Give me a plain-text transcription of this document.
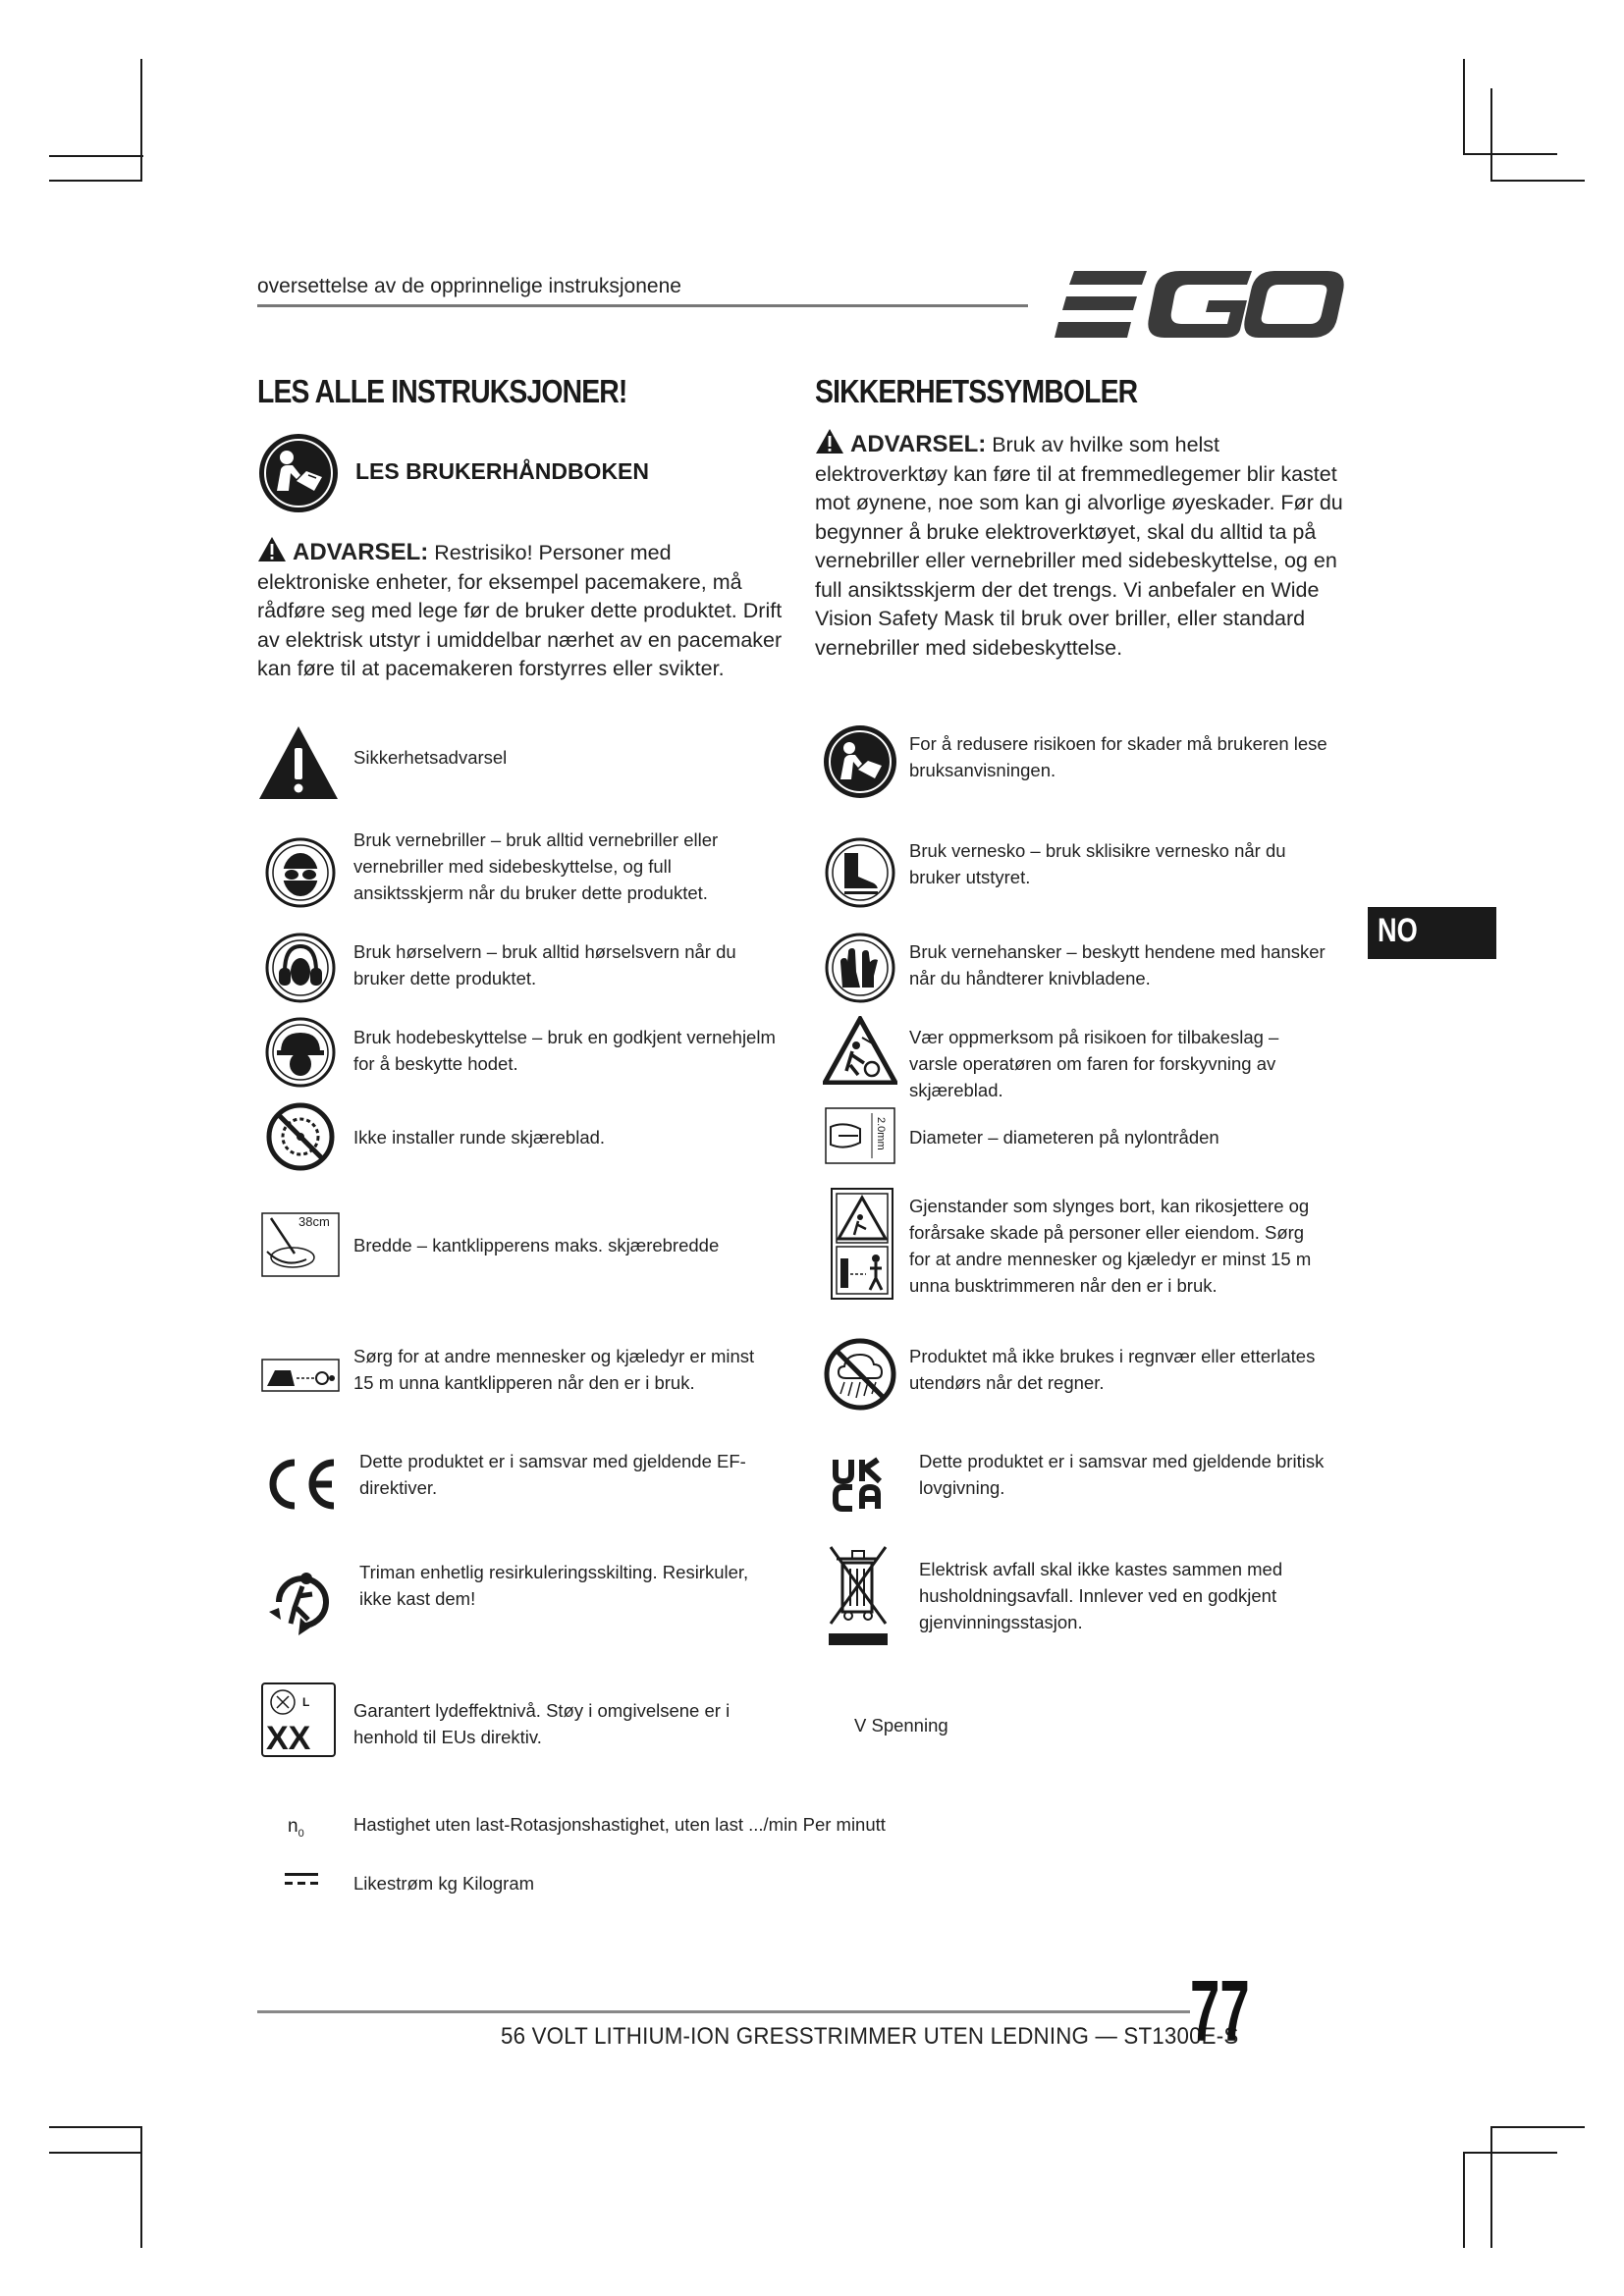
oversettelse av de opprinnelige instruksjonene
LES ALLE INSTRUKSJONER!
LES BRUKERHÅNDBOKEN
ADVARSEL: Restrisiko! Personer med elektroniske enheter, for eksempel pacemakere, må rådføre seg med lege før de bruker dette produktet. Drift av elektrisk utstyr i umiddelbar nærhet av en pacemaker kan føre til at pacemakeren forstyrres eller svikter.
SIKKERHETSSYMBOLER
ADVARSEL: Bruk av hvilke som helst elektroverktøy kan føre til at fremmedlegemer blir kastet mot øynene, noe som kan gi alvorlige øyeskader. Før du begynner å bruke elektroverktøyet, skal du alltid ta på vernebriller eller vernebriller med sidebeskyttelse, og en full ansiktsskjerm der det trengs. Vi anbefaler en Wide Vision Safety Mask til bruk over briller, eller standard vernebriller med sidebeskyttelse.
NO
Sikkerhetsadvarsel
Bruk vernebriller – bruk alltid vernebriller eller vernebriller med sidebeskyttelse, og full ansiktsskjerm når du bruker dette produktet.
Bruk hørselvern – bruk alltid hørselsvern når du bruker dette produktet.
Bruk hodebeskyttelse – bruk en godkjent vernehjelm for å beskytte hodet.
Ikke installer runde skjæreblad.
38cm
Bredde – kantklipperens maks. skjærebredde
Sørg for at andre mennesker og kjæledyr er minst 15 m unna kantklipperen når den er i bruk.
Dette produktet er i samsvar med gjeldende EF-direktiver.
Triman enhetlig resirkuleringsskilting. Resirkuler, ikke kast dem!
L
XX
Garantert lydeffektnivå. Støy i omgivelsene er i henhold til EUs direktiv.
$n_0$	Hastighet uten last-Rotasjonshastighet, uten last .../min Per minutt
Likestrøm kg Kilogram
For å redusere risikoen for skader må brukeren lese bruksanvisningen.
Bruk vernesko – bruk sklisikre vernesko når du bruker utstyret.
Bruk vernehansker – beskytt hendene med hansker når du håndterer knivbladene.
Vær oppmerksom på risikoen for tilbakeslag – varsle operatøren om faren for forskyvning av skjæreblad.
2.0mm Diameter – diameteren på nylontråden
Gjenstander som slynges bort, kan rikosjettere og forårsake skade på personer eller eiendom. Sørg for at andre mennesker og kjæledyr er minst 15 m unna busktrimmeren når den er i bruk.
Produktet må ikke brukes i regnvær eller etterlates utendørs når det regner.
Dette produktet er i samsvar med gjeldende britisk lovgivning.
Elektrisk avfall skal ikke kastes sammen med husholdningsavfall. Innlever ved en godkjent gjenvinningsstasjon.
V Spenning
56 VOLT LITHIUM-ION GRESSTRIMMER UTEN LEDNING — ST1300E-S
77
